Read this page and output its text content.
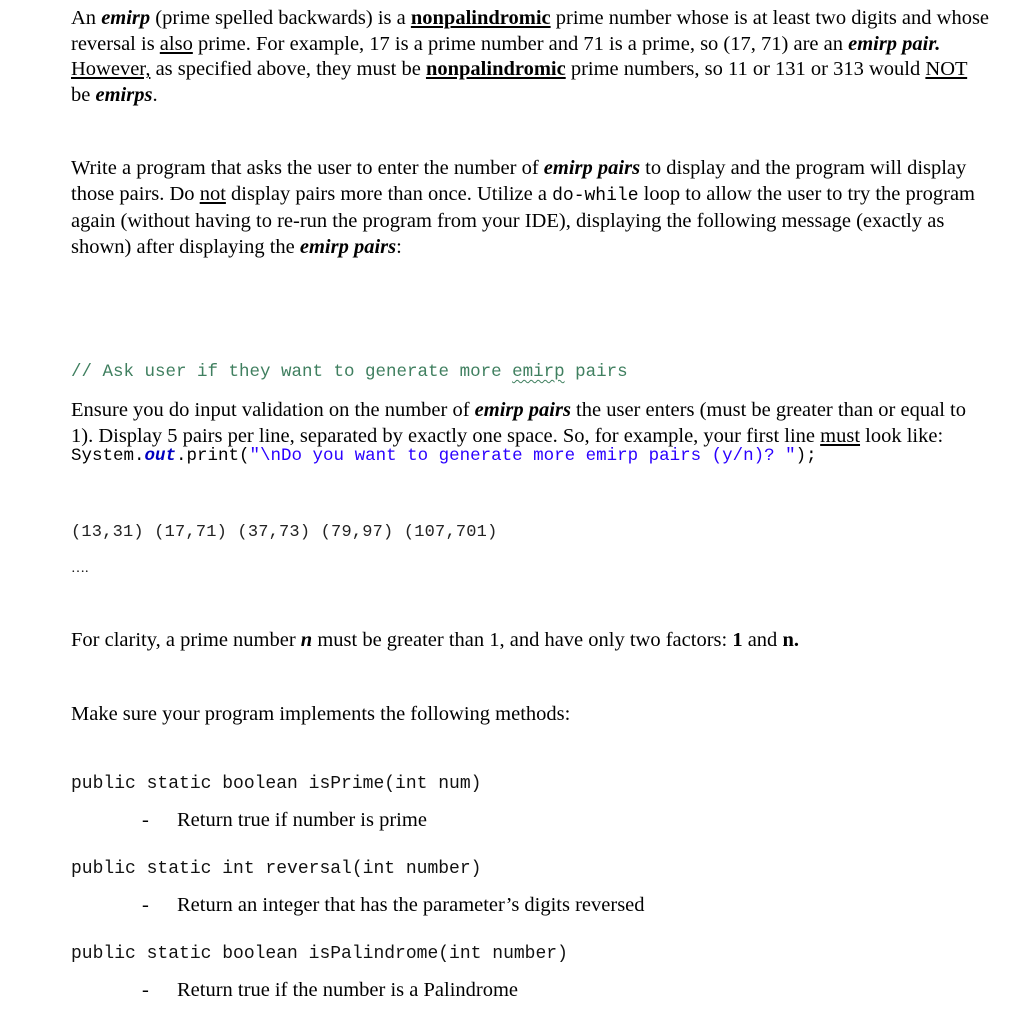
An emirp (prime spelled backwards) is a nonpalindromic prime number whose is at least two digits and whose reversal is also prime. For example, 17 is a prime number and 71 is a prime, so (17, 71) are an emirp pair. However, as specified above, they must be nonpalindromic prime numbers, so 11 or 131 or 313 would NOT be emirps.

Write a program that asks the user to enter the number of emirp pairs to display and the program will display those pairs. Do not display pairs more than once. Utilize a do-while loop to allow the user to try the program again (without having to re-run the program from your IDE), displaying the following message (exactly as shown) after displaying the emirp pairs:

// Ask user if they want to generate more emirp pairs

System.out.print("\nDo you want to generate more emirp pairs (y/n)? ");

Ensure you do input validation on the number of emirp pairs the user enters (must be greater than or equal to 1). Display 5 pairs per line, separated by exactly one space. So, for example, your first line must look like:

(13,31) (17,71) (37,73) (79,97) (107,701)
….

For clarity, a prime number n must be greater than 1, and have only two factors: 1 and n.

Make sure your program implements the following methods:

public static boolean isPrime(int num)
- Return true if number is prime
public static int reversal(int number)
- Return an integer that has the parameter’s digits reversed
public static boolean isPalindrome(int number)
- Return true if the number is a Palindrome
